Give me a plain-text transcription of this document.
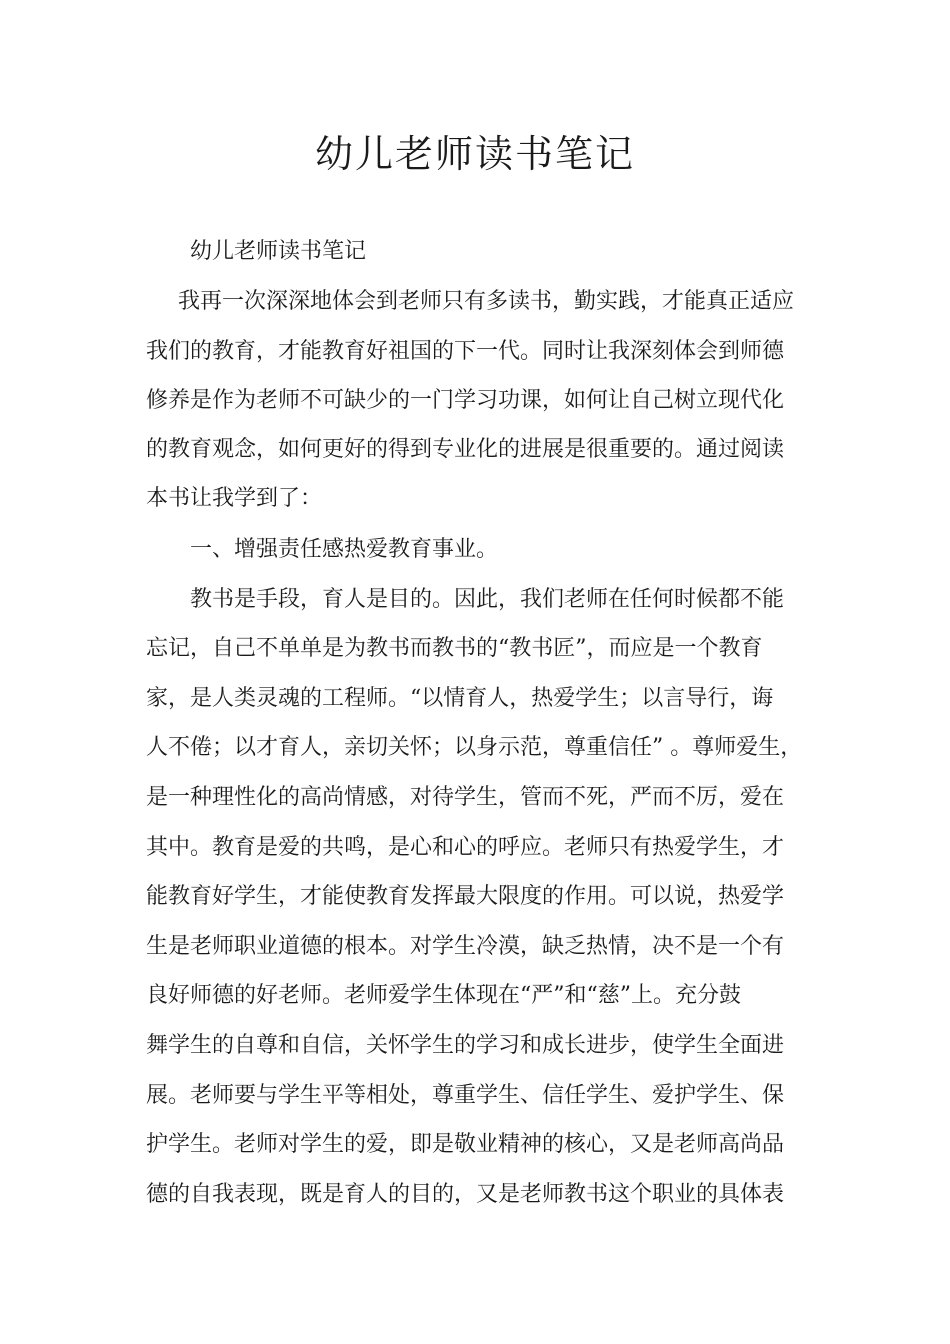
幼儿老师读书笔记
幼儿老师读书笔记
我再一次深深地体会到老师只有多读书，勤实践，才能真正适应
我们的教育，才能教育好祖国的下一代。同时让我深刻体会到师德
修养是作为老师不可缺少的一门学习功课，如何让自己树立现代化
的教育观念，如何更好的得到专业化的进展是很重要的。通过阅读
本书让我学到了：
一、增强责任感热爱教育事业。
教书是手段，育人是目的。因此，我们老师在任何时候都不能
忘记，自己不单单是为教书而教书的“教书匠”，而应是一个教育
家，是人类灵魂的工程师。“以情育人，热爱学生；以言导行，诲
人不倦；以才育人，亲切关怀；以身示范，尊重信任” 。尊师爱生，
是一种理性化的高尚情感，对待学生，管而不死，严而不厉，爱在
其中。教育是爱的共鸣，是心和心的呼应。老师只有热爱学生，才
能教育好学生，才能使教育发挥最大限度的作用。可以说，热爱学
生是老师职业道德的根本。对学生冷漠，缺乏热情，决不是一个有
良好师德的好老师。老师爱学生体现在“严”和“慈”上。充分鼓
舞学生的自尊和自信，关怀学生的学习和成长进步，使学生全面进
展。老师要与学生平等相处，尊重学生、信任学生、爱护学生、保
护学生。老师对学生的爱，即是敬业精神的核心，又是老师高尚品
德的自我表现，既是育人的目的，又是老师教书这个职业的具体表
